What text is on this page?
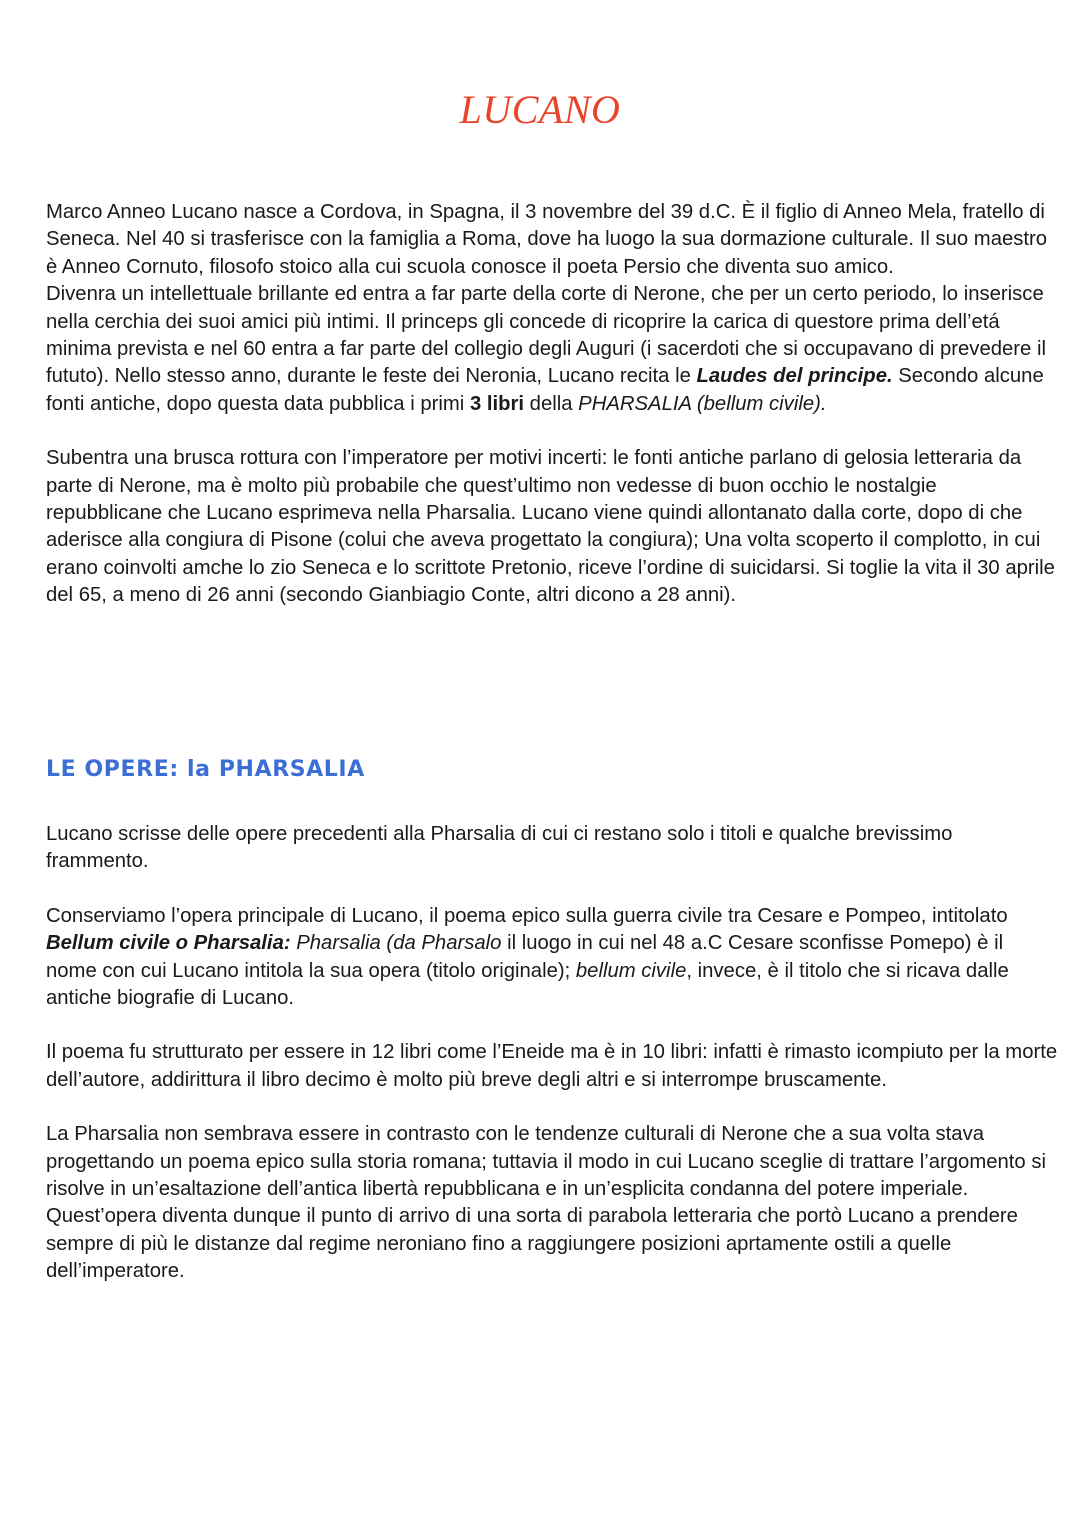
LUCANO

Marco Anneo Lucano nasce a Cordova, in Spagna, il 3 novembre del 39 d.C. È il figlio di Anneo Mela, fratello di Seneca. Nel 40 si trasferisce con la famiglia a Roma, dove ha luogo la sua dormazione culturale. Il suo maestro è Anneo Cornuto, filosofo stoico alla cui scuola conosce il poeta Persio che diventa suo amico.

Divenra un intellettuale brillante ed entra a far parte della corte di Nerone, che per un certo periodo, lo inserisce nella cerchia dei suoi amici più intimi. Il princeps gli concede di ricoprire la carica di questore prima dell’etá minima prevista e nel 60 entra a far parte del collegio degli Auguri (i sacerdoti che si occupavano di prevedere il fututo). Nello stesso anno, durante le feste dei Neronia, Lucano recita le Laudes del principe. Secondo alcune fonti antiche, dopo questa data pubblica i primi 3 libri della PHARSALIA (bellum civile).

Subentra una brusca rottura con l’imperatore per motivi incerti: le fonti antiche parlano di gelosia letteraria da parte di Nerone, ma è molto più probabile che quest’ultimo non vedesse di buon occhio le nostalgie repubblicane che Lucano esprimeva nella Pharsalia. Lucano viene quindi allontanato dalla corte, dopo di che aderisce alla congiura di Pisone (colui che aveva progettato la congiura); Una volta scoperto il complotto, in cui erano coinvolti amche lo zio Seneca e lo scrittote Pretonio, riceve l’ordine di suicidarsi. Si toglie la vita il 30 aprile del 65, a meno di 26 anni (secondo Gianbiagio Conte, altri dicono a 28 anni).

LE OPERE: la PHARSALIA

Lucano scrisse delle opere precedenti alla Pharsalia di cui ci restano solo i titoli e qualche brevissimo frammento.

Conserviamo l’opera principale di Lucano, il poema epico sulla guerra civile tra Cesare e Pompeo, intitolato Bellum civile o Pharsalia: Pharsalia (da Pharsalo il luogo in cui nel 48 a.C Cesare sconfisse Pomepo) è il nome con cui Lucano intitola la sua opera (titolo originale); bellum civile, invece, è il titolo che si ricava dalle antiche biografie di Lucano.

Il poema fu strutturato per essere in 12 libri come l’Eneide ma è in 10 libri: infatti è rimasto icompiuto per la morte dell’autore, addirittura il libro decimo è molto più breve degli altri e si interrompe bruscamente.

La Pharsalia non sembrava essere in contrasto con le tendenze culturali di Nerone che a sua volta stava progettando un poema epico sulla storia romana; tuttavia il modo in cui Lucano sceglie di trattare l’argomento si risolve in un’esaltazione dell’antica libertà repubblicana e in un’esplicita condanna del potere imperiale. Quest’opera diventa dunque il punto di arrivo di una sorta di parabola letteraria che portò Lucano a prendere sempre di più le distanze dal regime neroniano fino a raggiungere posizioni aprtamente ostili a quelle dell’imperatore.
